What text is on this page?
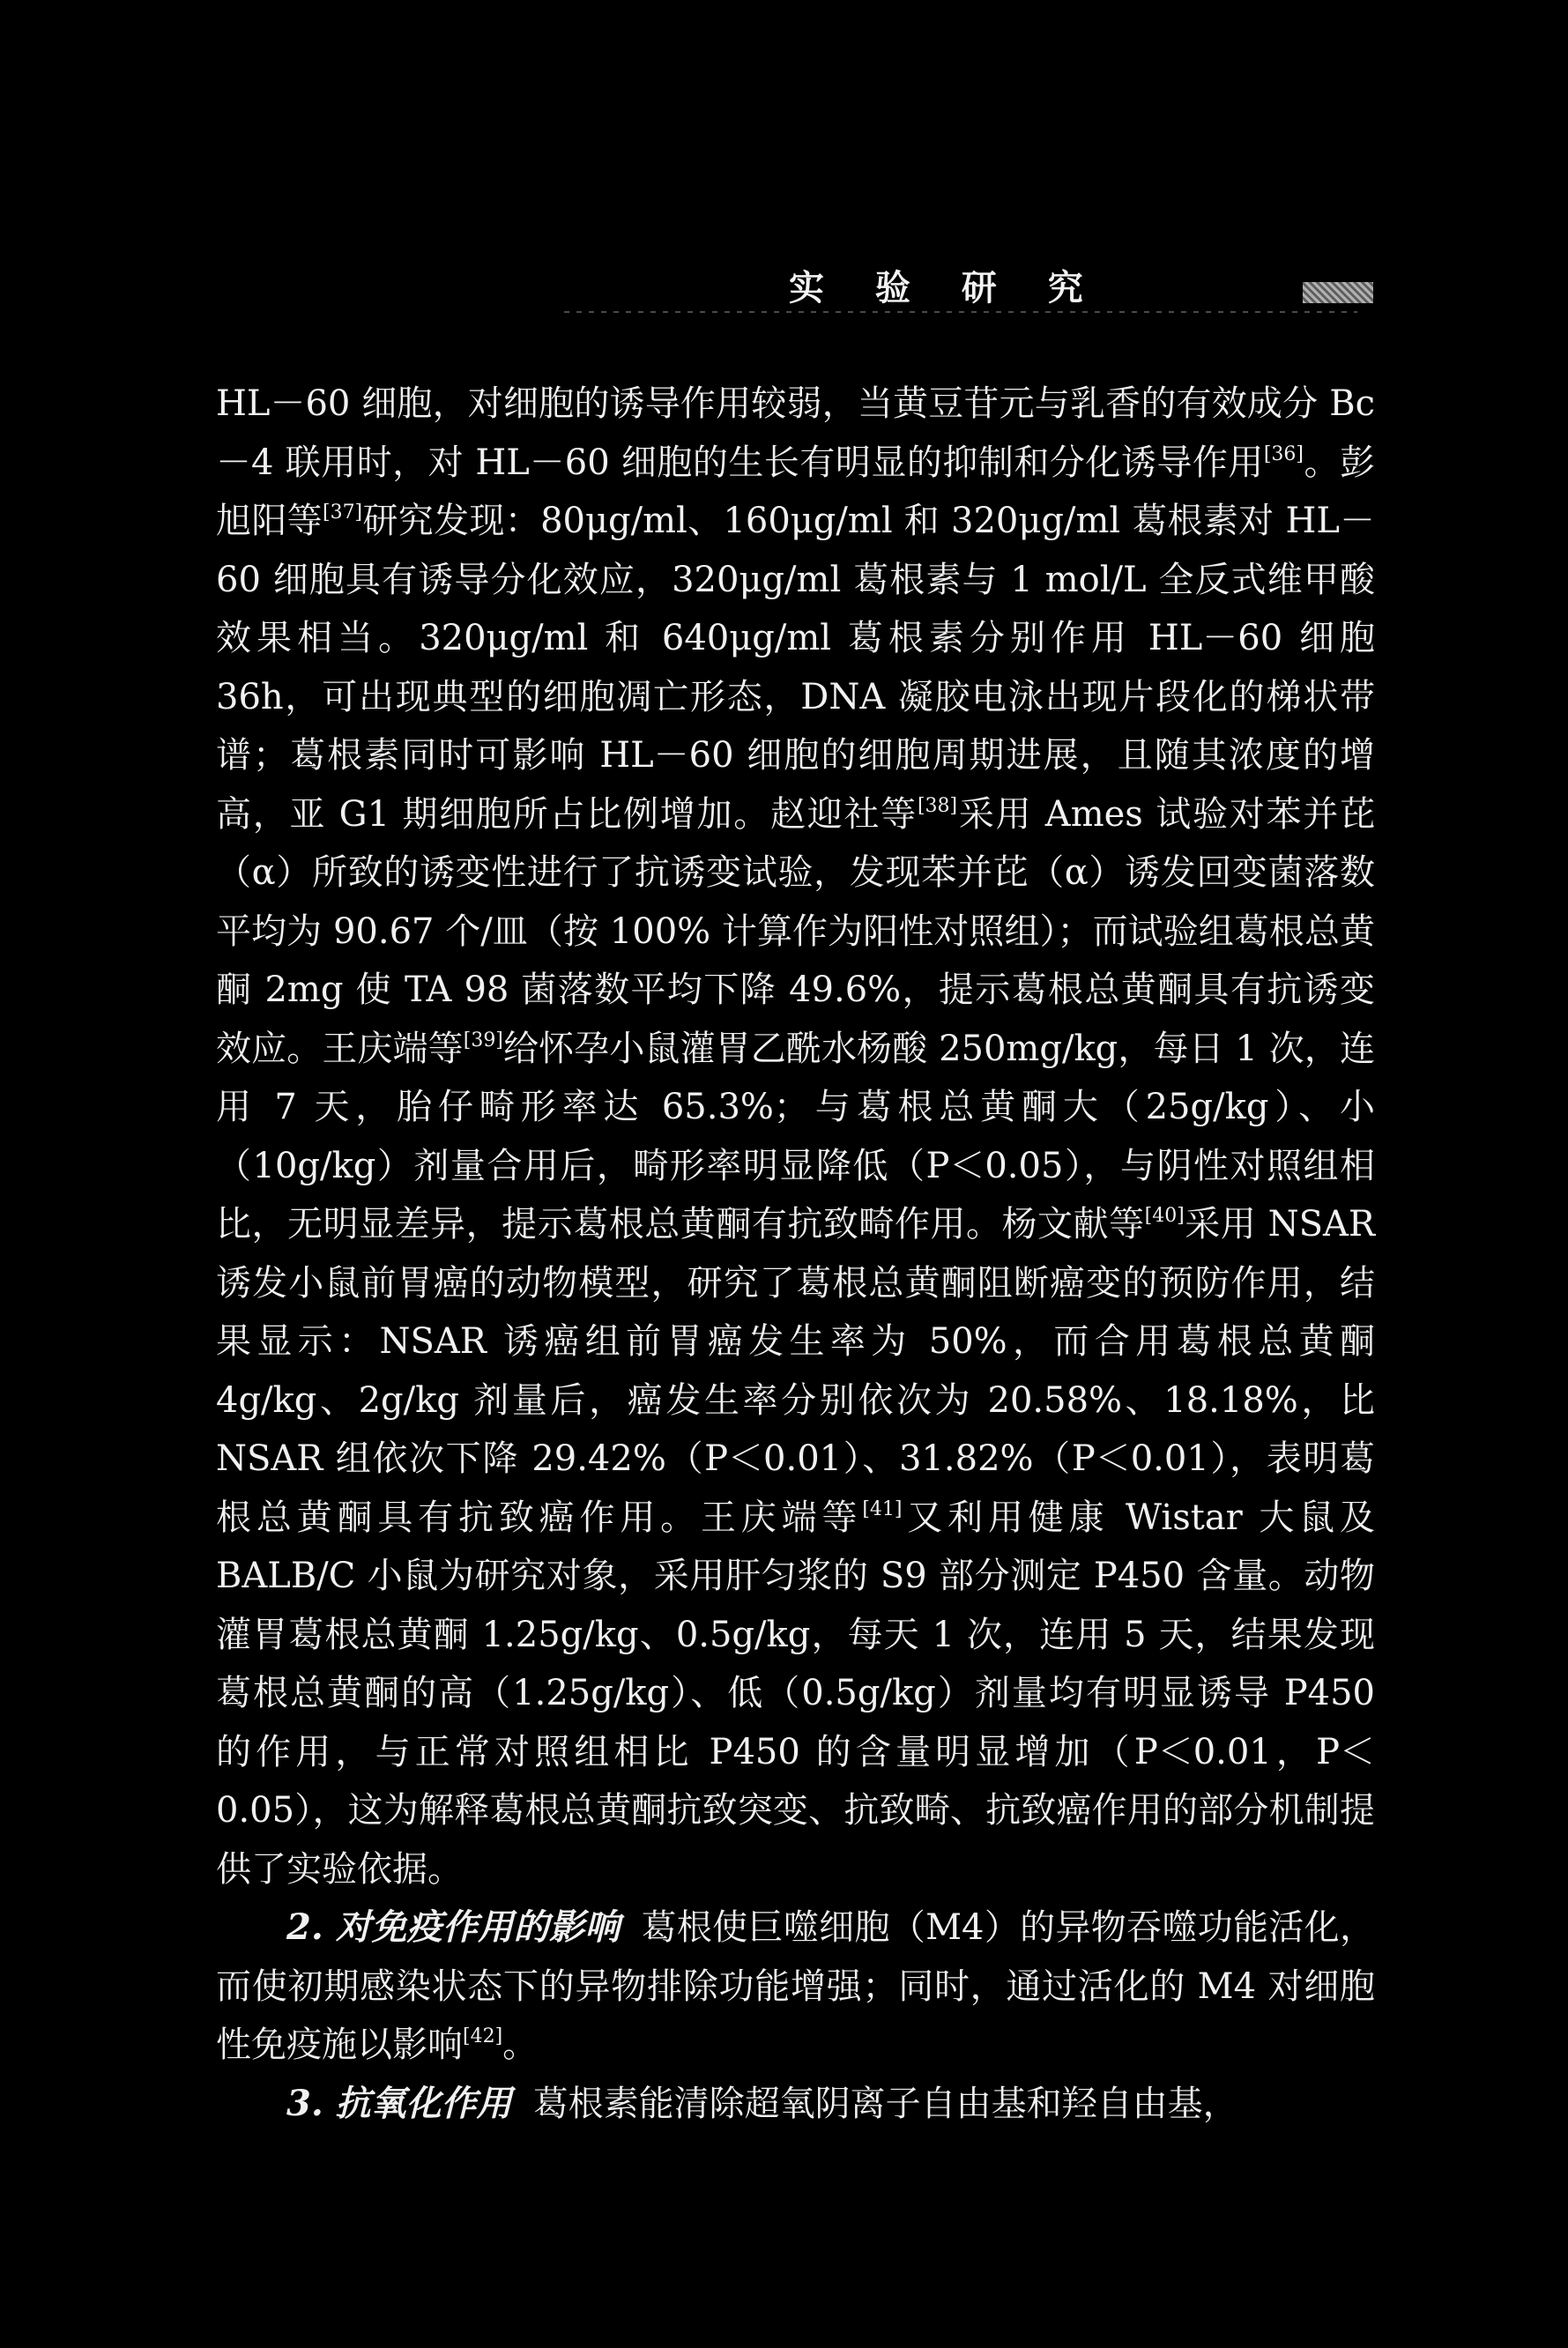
实 验 研 究

HL－60 细胞，对细胞的诱导作用较弱，当黄豆苷元与乳香的有效成分 Bc－4 联用时，对 HL－60 细胞的生长有明显的抑制和分化诱导作用[36]。彭旭阳等[37]研究发现：80μg/ml、160μg/ml 和 320μg/ml 葛根素对 HL－60 细胞具有诱导分化效应，320μg/ml 葛根素与 1 mol/L 全反式维甲酸效果相当。320μg/ml 和 640μg/ml 葛根素分别作用 HL－60 细胞 36h，可出现典型的细胞凋亡形态，DNA 凝胶电泳出现片段化的梯状带谱；葛根素同时可影响 HL－60 细胞的细胞周期进展，且随其浓度的增高，亚 G1 期细胞所占比例增加。赵迎社等[38]采用 Ames 试验对苯并芘（α）所致的诱变性进行了抗诱变试验，发现苯并芘（α）诱发回变菌落数平均为 90.67 个/皿（按 100% 计算作为阳性对照组）；而试验组葛根总黄酮 2mg 使 TA 98 菌落数平均下降 49.6%，提示葛根总黄酮具有抗诱变效应。王庆端等[39]给怀孕小鼠灌胃乙酰水杨酸 250mg/kg，每日 1 次，连用 7 天，胎仔畸形率达 65.3%；与葛根总黄酮大（25g/kg）、小（10g/kg）剂量合用后，畸形率明显降低（P＜0.05），与阴性对照组相比，无明显差异，提示葛根总黄酮有抗致畸作用。杨文献等[40]采用 NSAR 诱发小鼠前胃癌的动物模型，研究了葛根总黄酮阻断癌变的预防作用，结果显示：NSAR 诱癌组前胃癌发生率为 50%，而合用葛根总黄酮 4g/kg、2g/kg 剂量后，癌发生率分别依次为 20.58%、18.18%，比 NSAR 组依次下降 29.42%（P＜0.01）、31.82%（P＜0.01），表明葛根总黄酮具有抗致癌作用。王庆端等[41]又利用健康 Wistar 大鼠及 BALB/C 小鼠为研究对象，采用肝匀浆的 S9 部分测定 P450 含量。动物灌胃葛根总黄酮 1.25g/kg、0.5g/kg，每天 1 次，连用 5 天，结果发现葛根总黄酮的高（1.25g/kg）、低（0.5g/kg）剂量均有明显诱导 P450 的作用，与正常对照组相比 P450 的含量明显增加（P＜0.01，P＜0.05），这为解释葛根总黄酮抗致突变、抗致畸、抗致癌作用的部分机制提供了实验依据。

2. 对免疫作用的影响 葛根使巨噬细胞（M4）的异物吞噬功能活化，而使初期感染状态下的异物排除功能增强；同时，通过活化的 M4 对细胞性免疫施以影响[42]。

3. 抗氧化作用 葛根素能清除超氧阴离子自由基和羟自由基，
